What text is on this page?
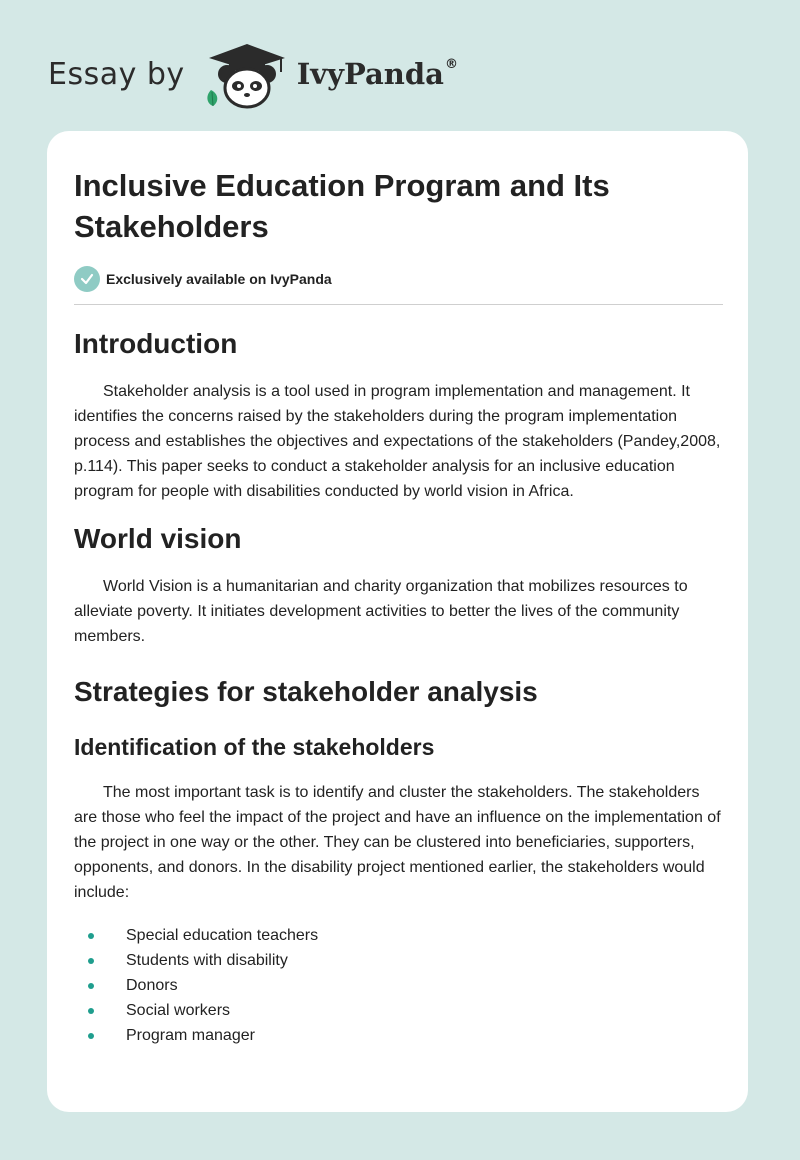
Essay by	IvyPanda®
Inclusive Education Program and Its Stakeholders
Exclusively available on IvyPanda
Introduction

Stakeholder analysis is a tool used in program implementation and management. It identifies the concerns raised by the stakeholders during the program implementation process and establishes the objectives and expectations of the stakeholders (Pandey,2008, p.114). This paper seeks to conduct a stakeholder analysis for an inclusive education program for people with disabilities conducted by world vision in Africa.

World vision

World Vision is a humanitarian and charity organization that mobilizes resources to alleviate poverty. It initiates development activities to better the lives of the community members.

Strategies for stakeholder analysis
Identification of the stakeholders

The most important task is to identify and cluster the stakeholders. The stakeholders are those who feel the impact of the project and have an influence on the implementation of the project in one way or the other. They can be clustered into beneficiaries, supporters, opponents, and donors. In the disability project mentioned earlier, the stakeholders would include:

Special education teachers
Students with disability
Donors
Social workers
Program manager
